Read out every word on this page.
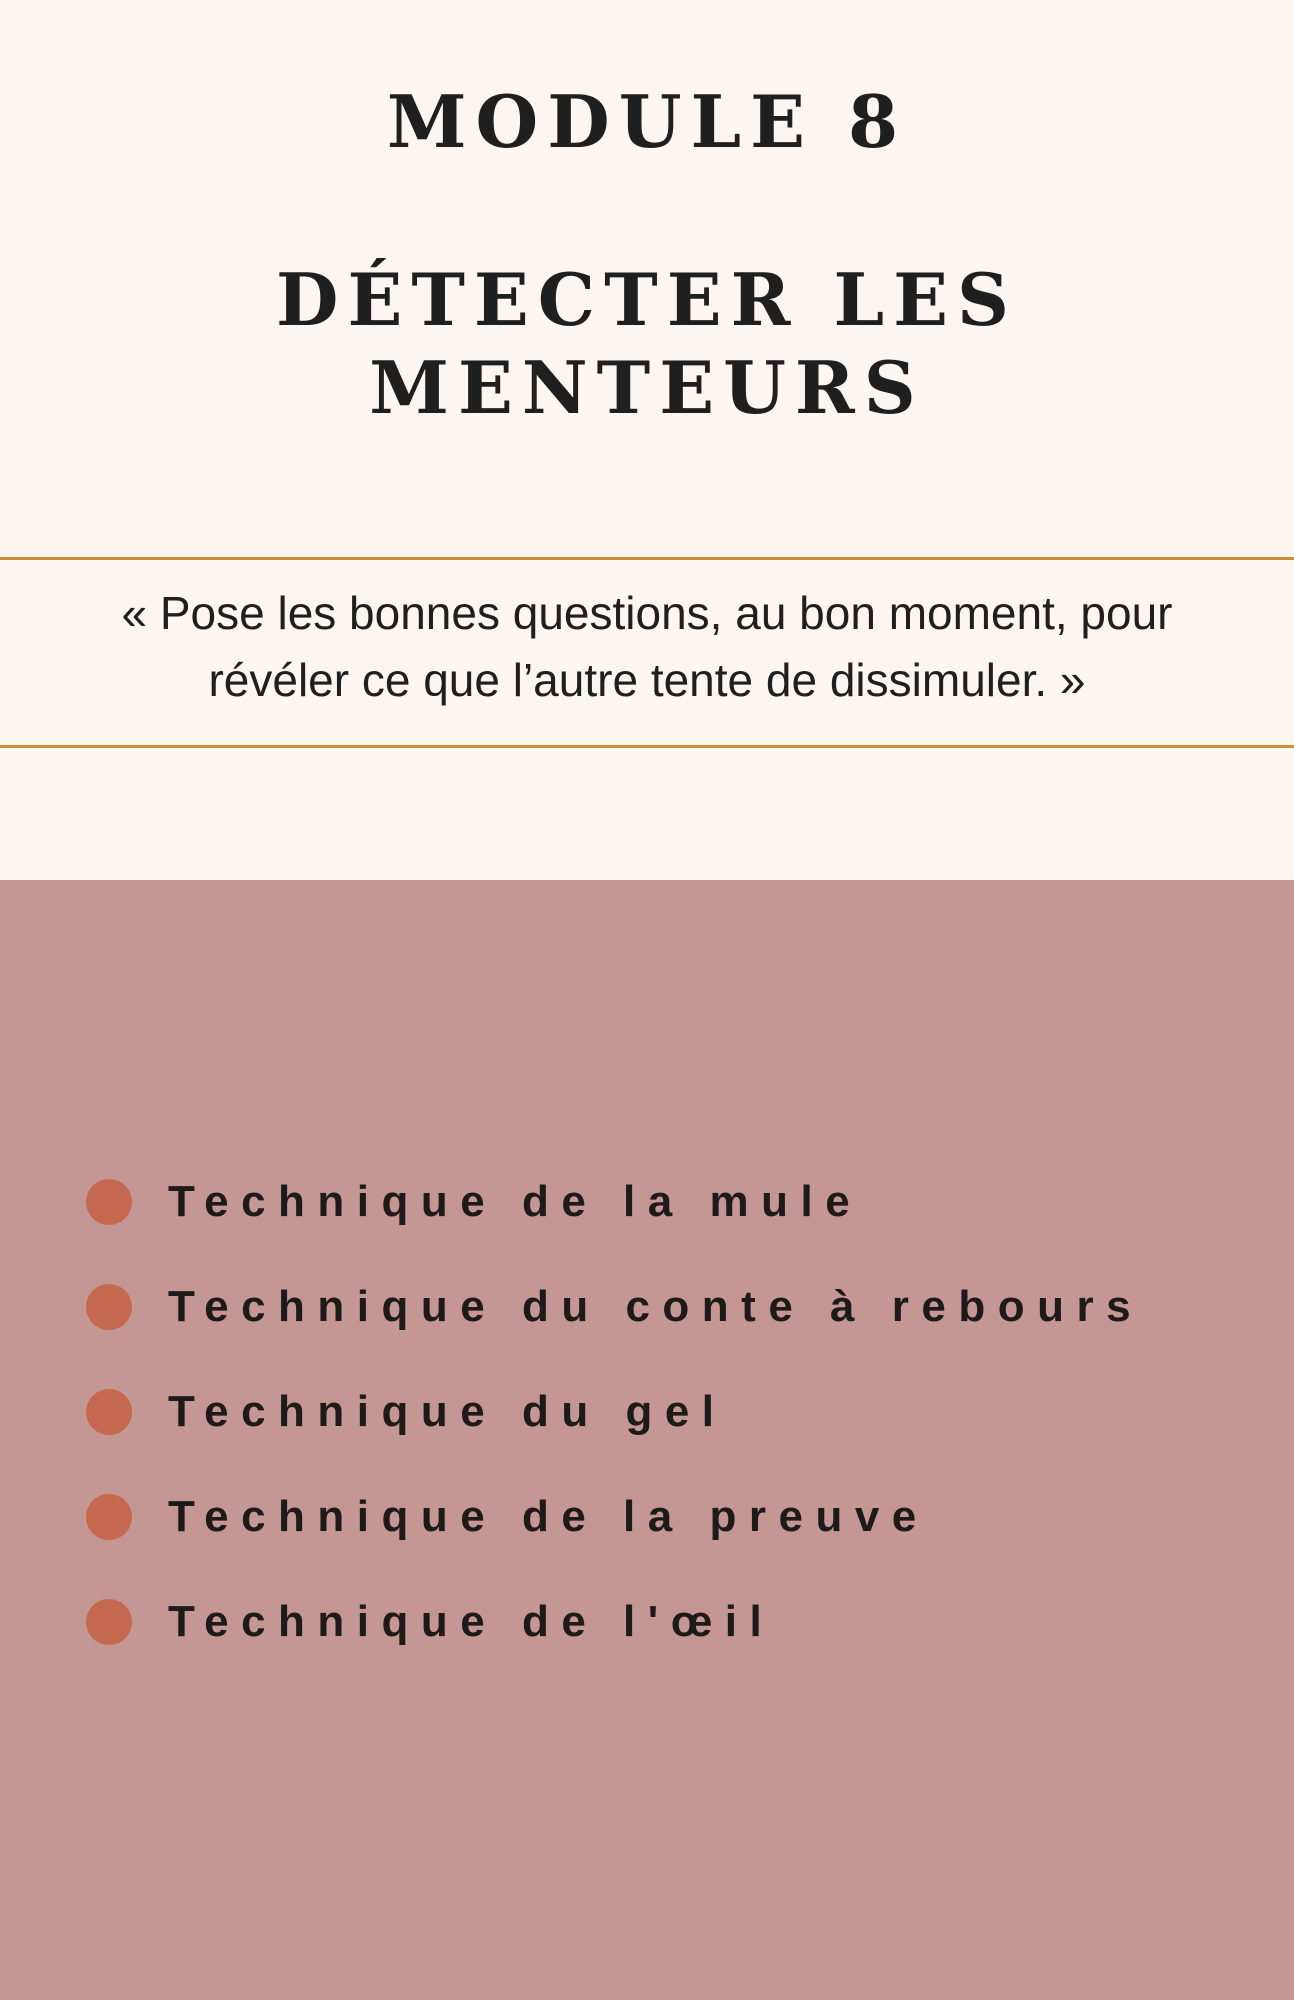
MODULE 8
DÉTECTER LES
MENTEURS
« Pose les bonnes questions, au bon moment, pour
révéler ce que l’autre tente de dissimuler. »
Technique de la mule
Technique du conte à rebours
Technique du gel
Technique de la preuve
Technique de l'œil
